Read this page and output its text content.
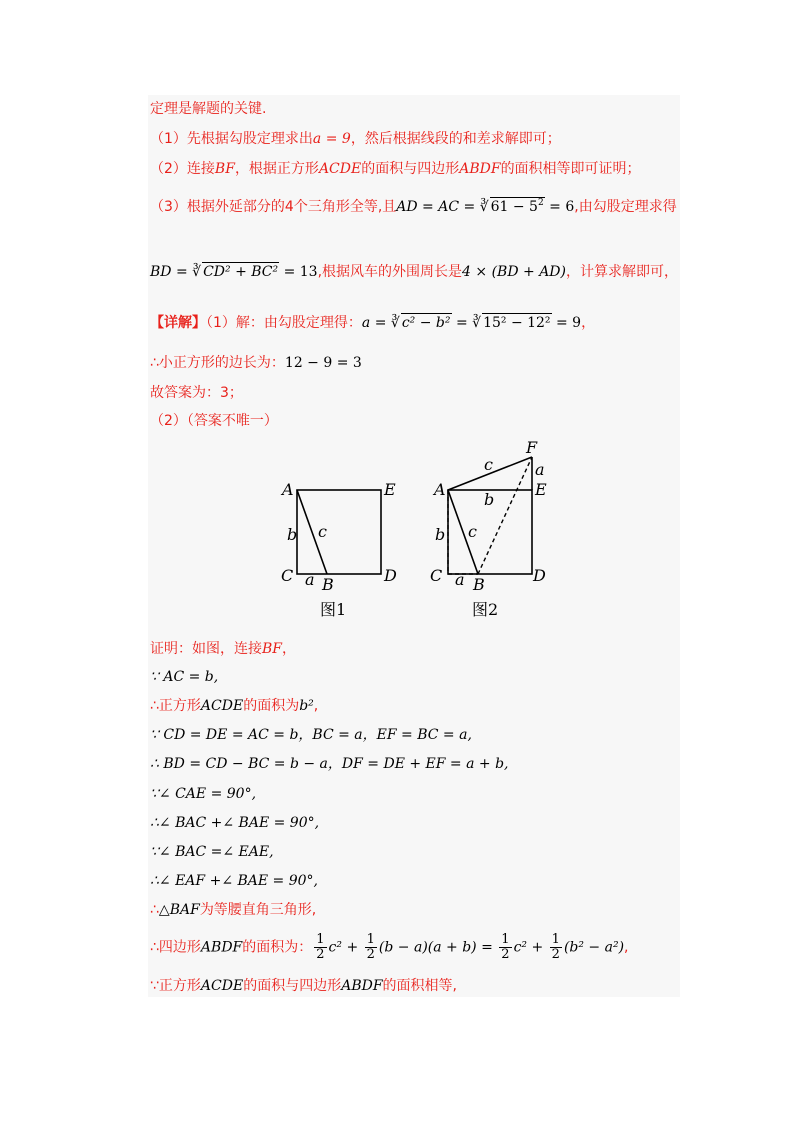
定理是解题的关键.
（1）先根据勾股定理求出a = 9，然后根据线段的和差求解即可；
（2）连接BF，根据正方形ACDE的面积与四边形ABDF的面积相等即可证明；
（3）根据外延部分的4个三角形全等,且AD = AC = ∛ $61 - 5^2 = 6$,由勾股定理求得
BD = ∛ CD² + BC² = 13,根据风车的外围周长是4 × (BD + AD)，计算求解即可，
【详解】（1）解：由勾股定理得：a = ∛ c² − b² = ∛ 15² − 12² = 9，
∴小正方形的边长为：12 − 9 = 3
故答案为：3；
（2）（答案不唯一）
A	E
C	D
B
a
b c
图1
A	E
C	D
B
F
a
a
c
b
b c
图2
证明：如图，连接BF，
∵ AC = b,
∴正方形ACDE的面积为b²,
∵ CD = DE = AC = b，BC = a，EF = BC = a,
∴ BD = CD − BC = b − a，DF = DE + EF = a + b,
∵∠ CAE = 90°,
∴∠ BAC +∠ BAE = 90°,
∵∠ BAC =∠ EAE,
∴∠ EAF +∠ BAE = 90°,
∴△BAF为等腰直角三角形,
∴四边形ABDF的面积为： $\frac{1}{2} c^2 + \frac{1}{2} (b - a)(a + b) = \frac{1}{2} c^2 + \frac{1}{2} (b^2 - a^2)$,
∵正方形ACDE的面积与四边形ABDF的面积相等,
